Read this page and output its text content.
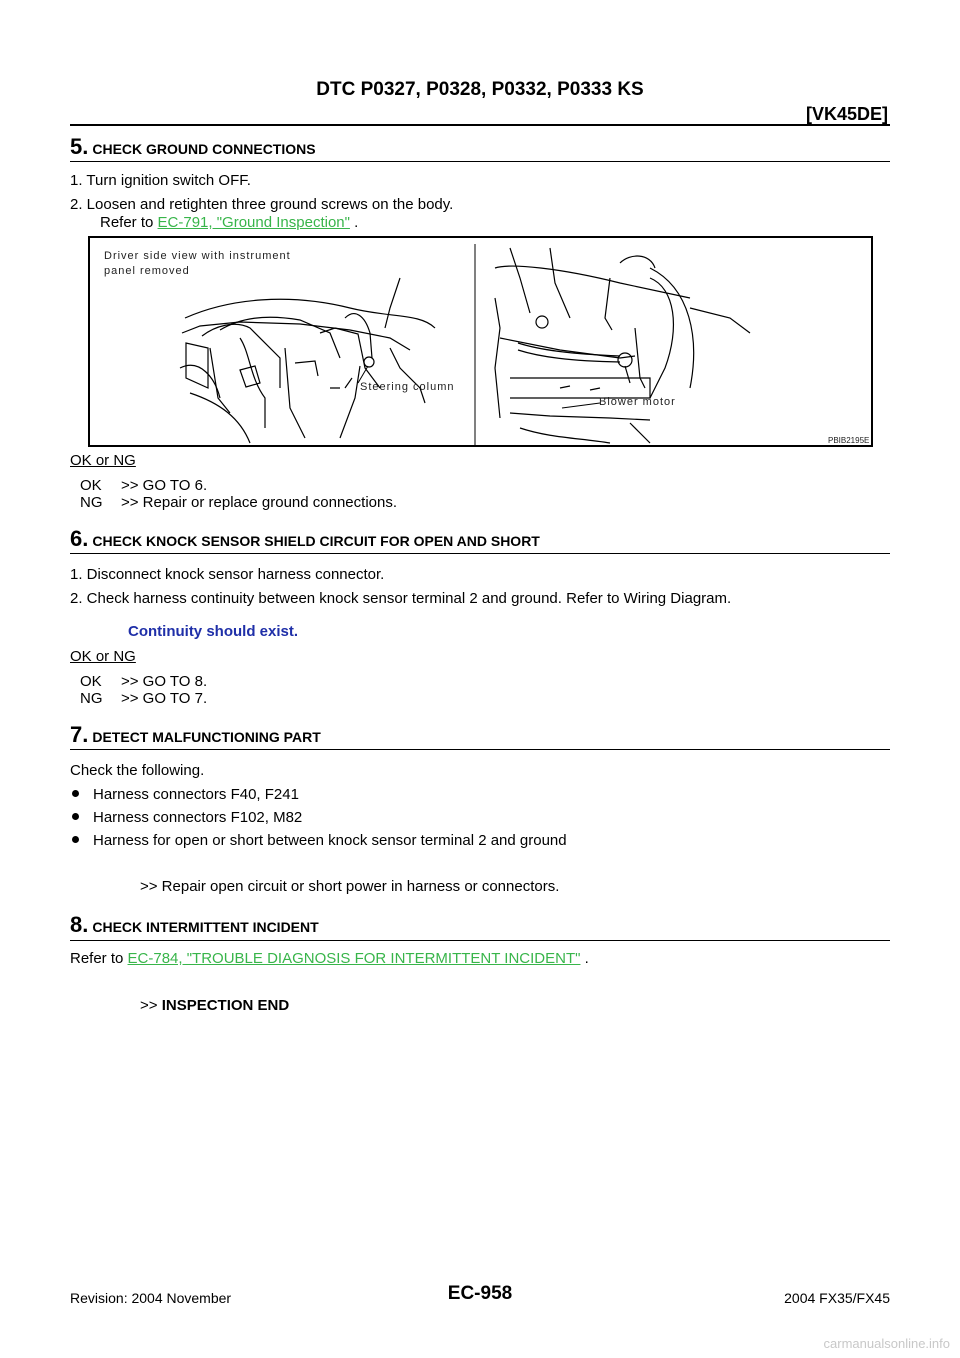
DTC P0327, P0328, P0332, P0333 KS
[VK45DE]
5. CHECK GROUND CONNECTIONS
1. Turn ignition switch OFF.
2. Loosen and retighten three ground screws on the body.
Refer to EC-791, "Ground Inspection" .
Driver side view with instrument
panel removed
Steering column
Blower motor
PBIB2195E
OK or NG
OK >> GO TO 6.
NG >> Repair or replace ground connections.
6. CHECK KNOCK SENSOR SHIELD CIRCUIT FOR OPEN AND SHORT
1. Disconnect knock sensor harness connector.
2. Check harness continuity between knock sensor terminal 2 and ground. Refer to Wiring Diagram.
Continuity should exist.
OK or NG
OK >> GO TO 8.
NG >> GO TO 7.
7. DETECT MALFUNCTIONING PART
Check the following.
Harness connectors F40, F241
Harness connectors F102, M82
Harness for open or short between knock sensor terminal 2 and ground
>> Repair open circuit or short power in harness or connectors.
8. CHECK INTERMITTENT INCIDENT
Refer to EC-784, "TROUBLE DIAGNOSIS FOR INTERMITTENT INCIDENT" .
>> INSPECTION END
Revision: 2004 November	EC-958	2004 FX35/FX45
carmanualsonline.info
